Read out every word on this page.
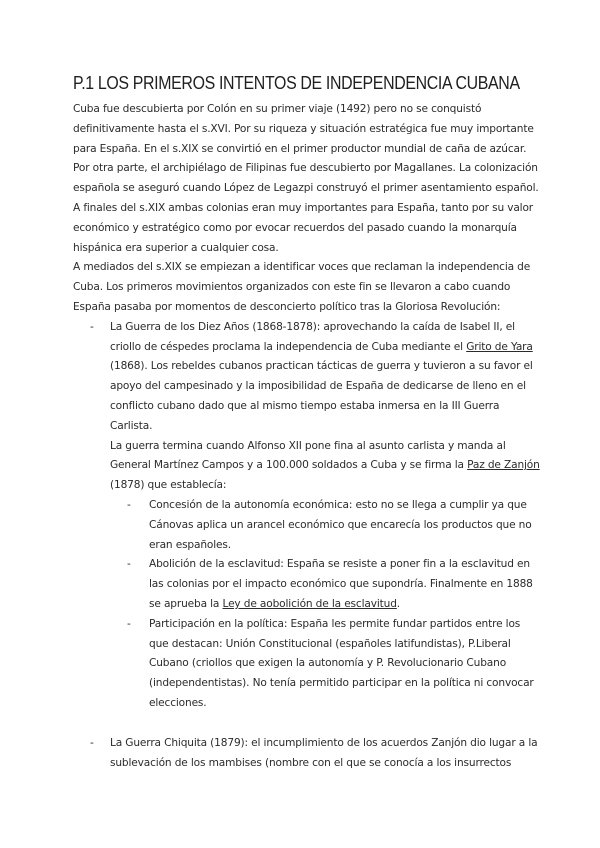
P.1 LOS PRIMEROS INTENTOS DE INDEPENDENCIA CUBANA

Cuba fue descubierta por Colón en su primer viaje (1492) pero no se conquistó definitivamente hasta el s.XVI. Por su riqueza y situación estratégica fue muy importante para España. En el s.XIX se convirtió en el primer productor mundial de caña de azúcar.

Por otra parte, el archipiélago de Filipinas fue descubierto por Magallanes. La colonización española se aseguró cuando López de Legazpi construyó el primer asentamiento español.

A finales del s.XIX ambas colonias eran muy importantes para España, tanto por su valor económico y estratégico como por evocar recuerdos del pasado cuando la monarquía hispánica era superior a cualquier cosa.

A mediados del s.XIX se empiezan a identificar voces que reclaman la independencia de Cuba. Los primeros movimientos organizados con este fin se llevaron a cabo cuando España pasaba por momentos de desconcierto político tras la Gloriosa Revolución:

- La Guerra de los Diez Años (1868-1878): aprovechando la caída de Isabel II, el criollo de céspedes proclama la independencia de Cuba mediante el Grito de Yara (1868). Los rebeldes cubanos practican tácticas de guerra y tuvieron a su favor el apoyo del campesinado y la imposibilidad de España de dedicarse de lleno en el conflicto cubano dado que al mismo tiempo estaba inmersa en la III Guerra Carlista.

La guerra termina cuando Alfonso XII pone fina al asunto carlista y manda al General Martínez Campos y a 100.000 soldados a Cuba y se firma la Paz de Zanjón (1878) que establecía:

- Concesión de la autonomía económica: esto no se llega a cumplir ya que Cánovas aplica un arancel económico que encarecía los productos que no eran españoles.

- Abolición de la esclavitud: España se resiste a poner fin a la esclavitud en las colonias por el impacto económico que supondría. Finalmente en 1888 se aprueba la Ley de aobolición de la esclavitud.

- Participación en la política: España les permite fundar partidos entre los que destacan: Unión Constitucional (españoles latifundistas), P.Liberal Cubano (criollos que exigen la autonomía y P. Revolucionario Cubano (independentistas). No tenía permitido participar en la política ni convocar elecciones.

- La Guerra Chiquita (1879): el incumplimiento de los acuerdos Zanjón dio lugar a la sublevación de los mambises (nombre con el que se conocía a los insurrectos
